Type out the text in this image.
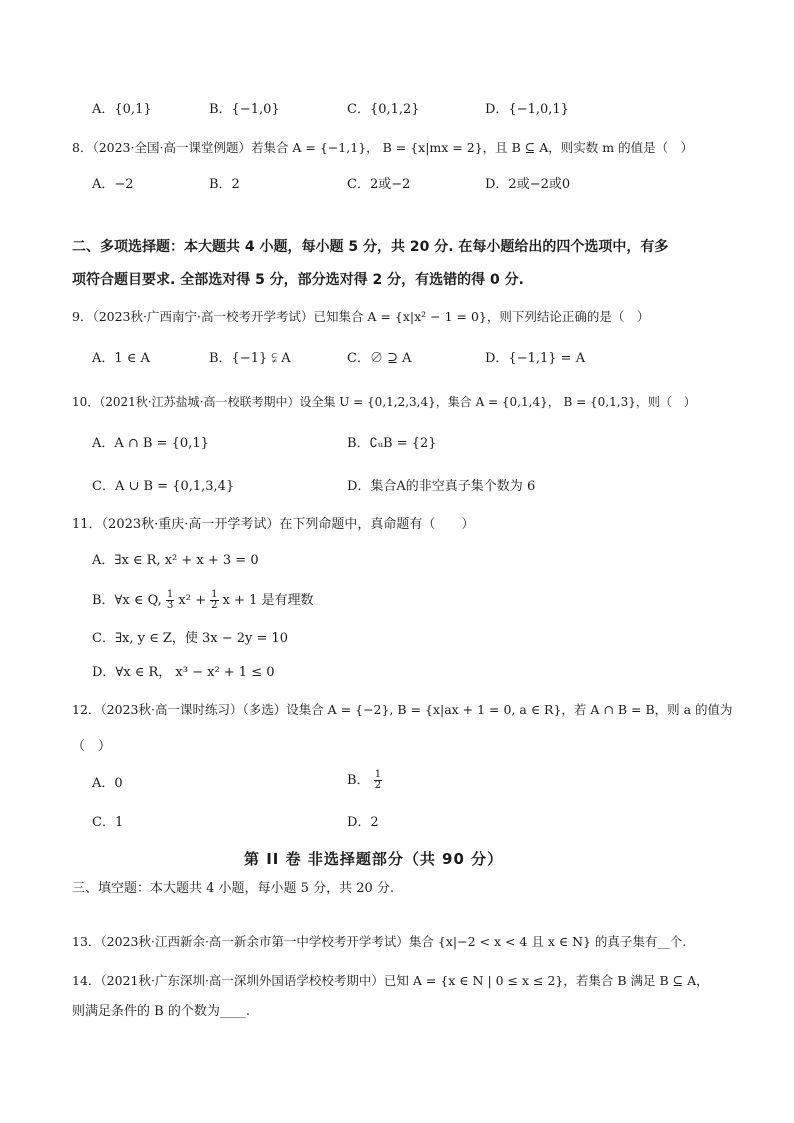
A．{0,1}	B．{−1,0}	C．{0,1,2}	D．{−1,0,1}
8．（2023·全国·高一课堂例题）若集合 A = {−1,1}， B = {x|mx = 2}，且 B ⊆ A，则实数 m 的值是（　）
A．−2	B．2	C．2或−2	D．2或−2或0
二、多项选择题：本大题共 4 小题，每小题 5 分，共 20 分. 在每小题给出的四个选项中，有多
项符合题目要求. 全部选对得 5 分，部分选对得 2 分，有选错的得 0 分.
9．（2023秋·广西南宁·高一校考开学考试）已知集合 A = {x|x² − 1 = 0}，则下列结论正确的是（　）
A．1 ∈ A	B．{−1} ⫋ A	C．∅ ⊇ A	D．{−1,1} = A
10．（2021秋·江苏盐城·高一校联考期中）设全集 U = {0,1,2,3,4}，集合 A = {0,1,4}， B = {0,1,3}，则（　）
A．A ∩ B = {0,1}	B．∁ᵤB = {2}
C．A ∪ B = {0,1,3,4}	D．集合A的非空真子集个数为 6
11．（2023秋·重庆·高一开学考试）在下列命题中，真命题有（　　）
A．∃x ∈ R, x² + x + 3 = 0
B．∀x ∈ Q, $\frac{1}{3} x^2 + \frac{1}{2}$ x + 1 是有理数
C．∃x, y ∈ Z，使 3x − 2y = 10
D．∀x ∈ R， x³ − x² + 1 ≤ 0
12．（2023秋·高一课时练习）（多选）设集合 A = {−2}, B = {x|ax + 1 = 0, a ∈ R}，若 A ∩ B = B，则 a 的值为
（　）
A．0	B． $\frac{1}{2}$
C．1	D．2
第 II 卷 非选择题部分（共 90 分）
三、填空题：本大题共 4 小题，每小题 5 分，共 20 分.
13．（2023秋·江西新余·高一新余市第一中学校考开学考试）集合 {x|−2 < x < 4 且 x ∈ N} 的真子集有__个.
14．（2021秋·广东深圳·高一深圳外国语学校校考期中）已知 A = {x ∈ N | 0 ≤ x ≤ 2}，若集合 B 满足 B ⊆ A，
则满足条件的 B 的个数为____.
